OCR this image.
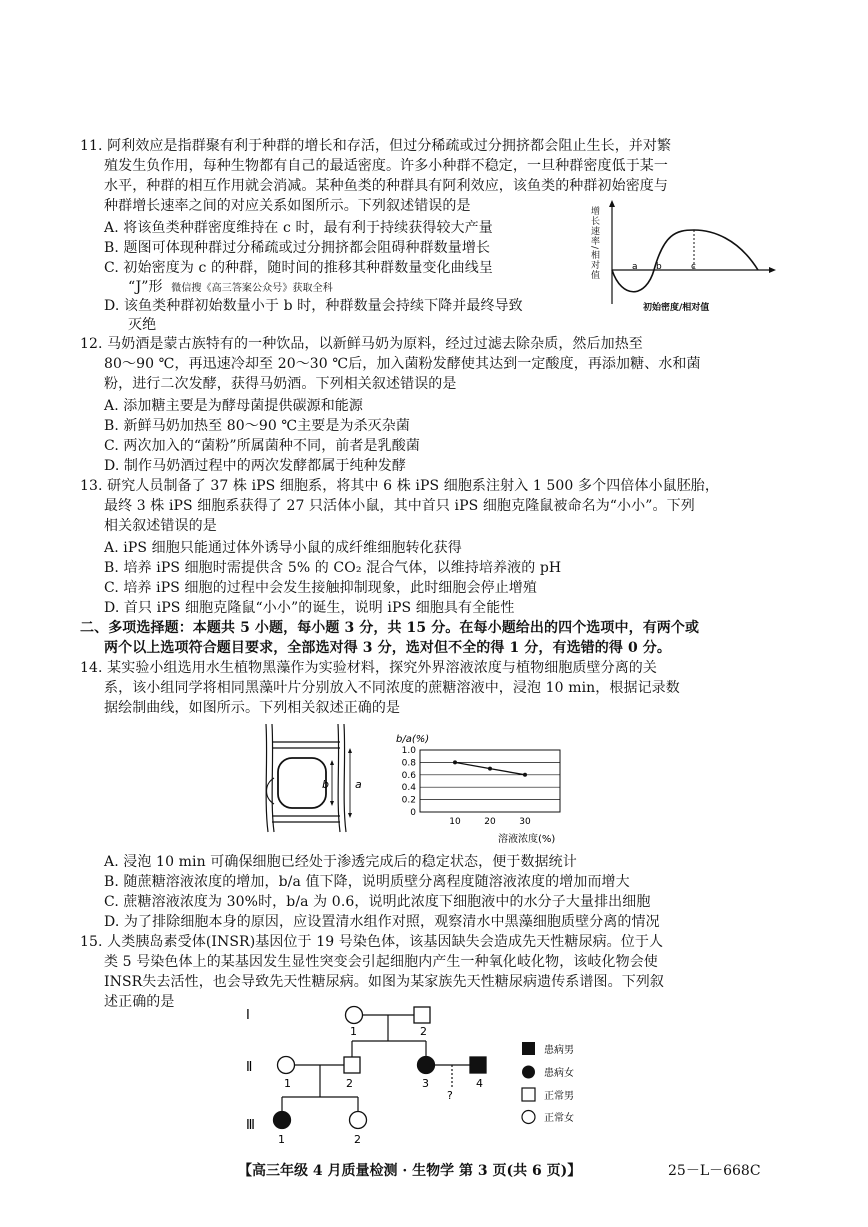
11. 阿利效应是指群聚有利于种群的增长和存活，但过分稀疏或过分拥挤都会阻止生长，并对繁
殖发生负作用，每种生物都有自己的最适密度。许多小种群不稳定，一旦种群密度低于某一
水平，种群的相互作用就会消减。某种鱼类的种群具有阿利效应，该鱼类的种群初始密度与
种群增长速率之间的对应关系如图所示。下列叙述错误的是
A. 将该鱼类种群密度维持在 c 时，最有利于持续获得较大产量
B. 题图可体现种群过分稀疏或过分拥挤都会阻碍种群数量增长
C. 初始密度为 c 的种群，随时间的推移其种群数量变化曲线呈
“J”形 微信搜《高三答案公众号》获取全科
D. 该鱼类种群初始数量小于 b 时，种群数量会持续下降并最终导致
灭绝
a b	c
增长速率/相对值
初始密度/相对值
12. 马奶酒是蒙古族特有的一种饮品，以新鲜马奶为原料，经过过滤去除杂质，然后加热至
80～90 ℃，再迅速冷却至 20～30 ℃后，加入菌粉发酵使其达到一定酸度，再添加糖、水和菌
粉，进行二次发酵，获得马奶酒。下列相关叙述错误的是
A. 添加糖主要是为酵母菌提供碳源和能源
B. 新鲜马奶加热至 80～90 ℃主要是为杀灭杂菌
C. 两次加入的“菌粉”所属菌种不同，前者是乳酸菌
D. 制作马奶酒过程中的两次发酵都属于纯种发酵
13. 研究人员制备了 37 株 iPS 细胞系，将其中 6 株 iPS 细胞系注射入 1 500 多个四倍体小鼠胚胎，
最终 3 株 iPS 细胞系获得了 27 只活体小鼠，其中首只 iPS 细胞克隆鼠被命名为“小小”。下列
相关叙述错误的是
A. iPS 细胞只能通过体外诱导小鼠的成纤维细胞转化获得
B. 培养 iPS 细胞时需提供含 5% 的 CO₂ 混合气体，以维持培养液的 pH
C. 培养 iPS 细胞的过程中会发生接触抑制现象，此时细胞会停止增殖
D. 首只 iPS 细胞克隆鼠“小小”的诞生，说明 iPS 细胞具有全能性
二、多项选择题：本题共 5 小题，每小题 3 分，共 15 分。在每小题给出的四个选项中，有两个或
两个以上选项符合题目要求，全部选对得 3 分，选对但不全的得 1 分，有选错的得 0 分。
14. 某实验小组选用水生植物黑藻作为实验材料，探究外界溶液浓度与植物细胞质壁分离的关
系，该小组同学将相同黑藻叶片分别放入不同浓度的蔗糖溶液中，浸泡 10 min，根据记录数
据绘制曲线，如图所示。下列相关叙述正确的是
b a
b/a(%)
0
0.2
0.4
0.6
0.8
1.0
10	20	30
溶液浓度(%)
A. 浸泡 10 min 可确保细胞已经处于渗透完成后的稳定状态，便于数据统计
B. 随蔗糖溶液浓度的增加，b/a 值下降，说明质壁分离程度随溶液浓度的增加而增大
C. 蔗糖溶液浓度为 30%时，b/a 为 0.6，说明此浓度下细胞液中的水分子大量排出细胞
D. 为了排除细胞本身的原因，应设置清水组作对照，观察清水中黑藻细胞质壁分离的情况
15. 人类胰岛素受体(INSR)基因位于 19 号染色体，该基因缺失会造成先天性糖尿病。位于人
类 5 号染色体上的某基因发生显性突变会引起细胞内产生一种氧化岐化物，该岐化物会使
INSR失去活性，也会导致先天性糖尿病。如图为某家族先天性糖尿病遗传系谱图。下列叙
述正确的是
Ⅰ
Ⅱ
Ⅲ
1	2
1	2	3	4
?
1	2
患病男
患病女
正常男
正常女
【高三年级 4 月质量检测 · 生物学 第 3 页(共 6 页)】	25－L－668C
